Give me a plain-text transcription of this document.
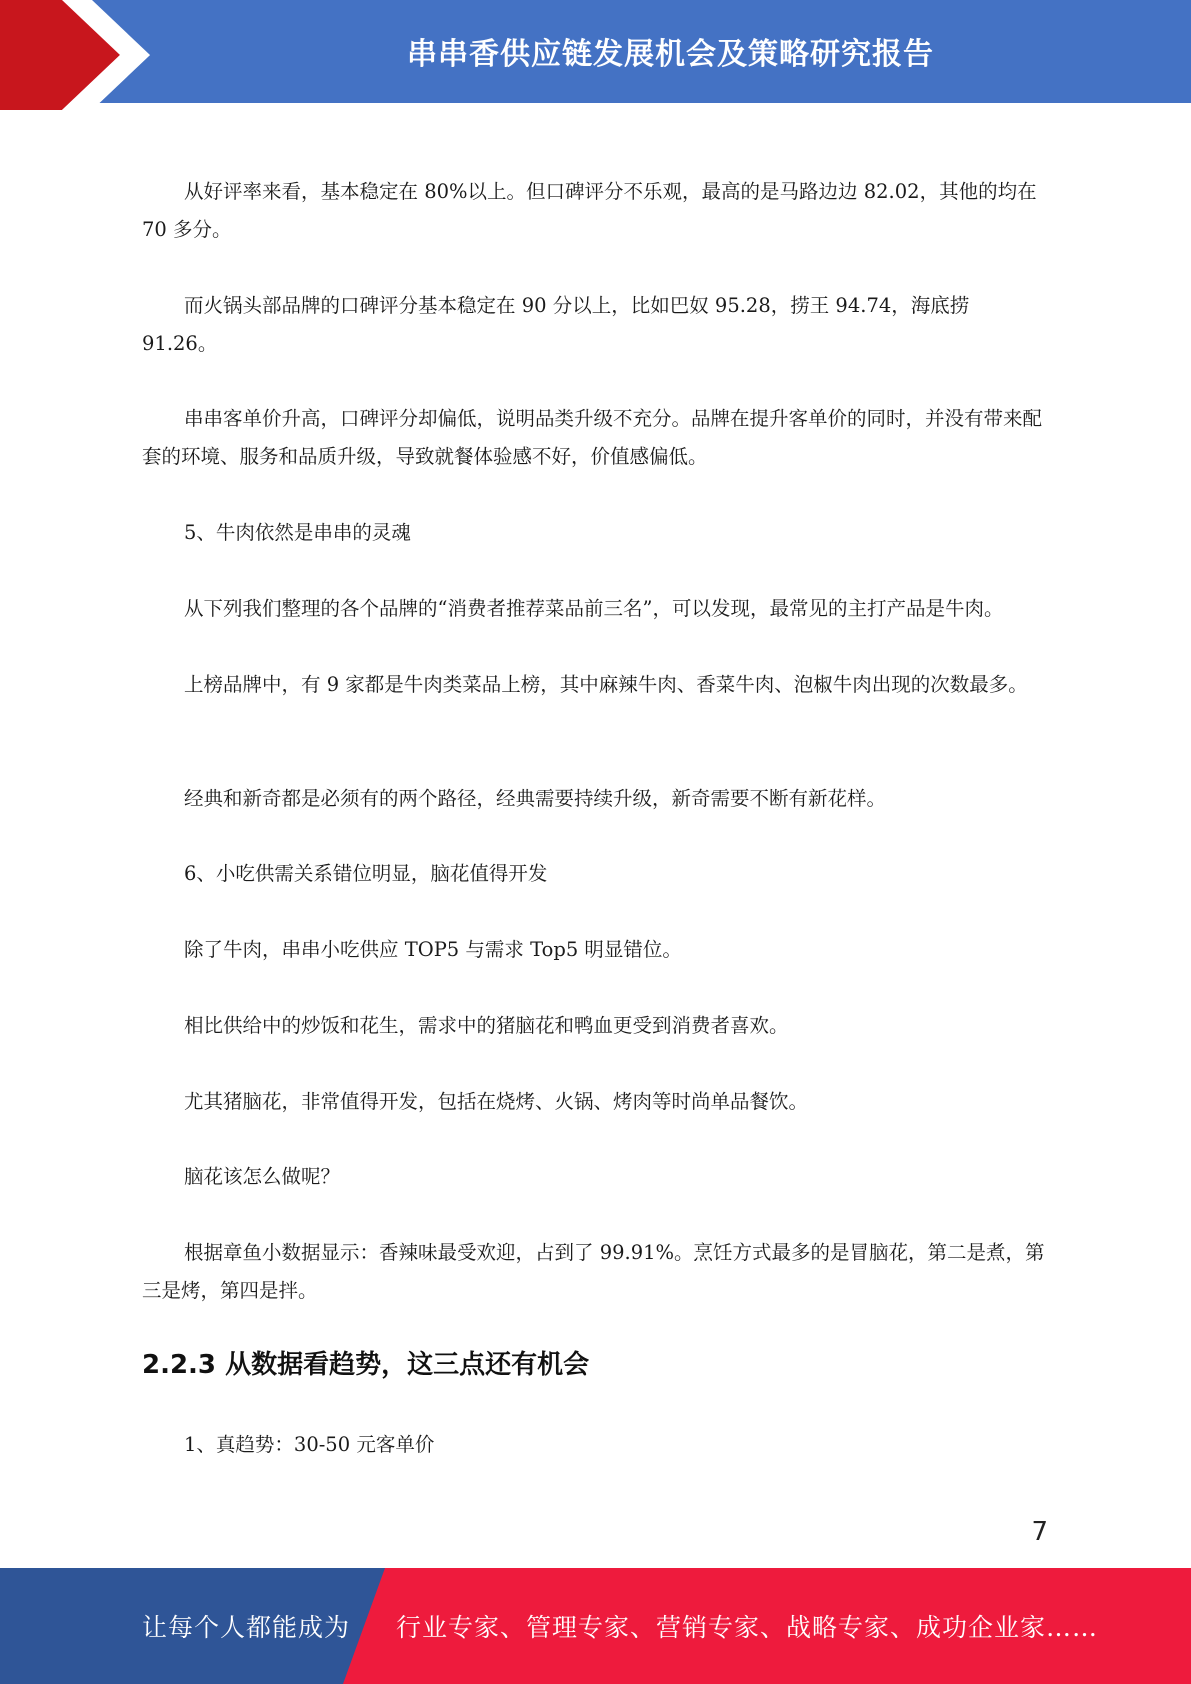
串串香供应链发展机会及策略研究报告

从好评率来看，基本稳定在 80%以上。但口碑评分不乐观，最高的是马路边边 82.02，其他的均在 70 多分。

而火锅头部品牌的口碑评分基本稳定在 90 分以上，比如巴奴 95.28，捞王 94.74，海底捞 91.26。

串串客单价升高，口碑评分却偏低，说明品类升级不充分。品牌在提升客单价的同时，并没有带来配套的环境、服务和品质升级，导致就餐体验感不好，价值感偏低。

5、牛肉依然是串串的灵魂

从下列我们整理的各个品牌的“消费者推荐菜品前三名”，可以发现，最常见的主打产品是牛肉。

上榜品牌中，有 9 家都是牛肉类菜品上榜，其中麻辣牛肉、香菜牛肉、泡椒牛肉出现的次数最多。

经典和新奇都是必须有的两个路径，经典需要持续升级，新奇需要不断有新花样。

6、小吃供需关系错位明显，脑花值得开发

除了牛肉，串串小吃供应 TOP5 与需求 Top5 明显错位。

相比供给中的炒饭和花生，需求中的猪脑花和鸭血更受到消费者喜欢。

尤其猪脑花，非常值得开发，包括在烧烤、火锅、烤肉等时尚单品餐饮。

脑花该怎么做呢？

根据章鱼小数据显示：香辣味最受欢迎，占到了 99.91%。烹饪方式最多的是冒脑花，第二是煮，第三是烤，第四是拌。

2.2.3 从数据看趋势，这三点还有机会

1、真趋势：30-50 元客单价

7
让每个人都能成为 行业专家、管理专家、营销专家、战略专家、成功企业家……
